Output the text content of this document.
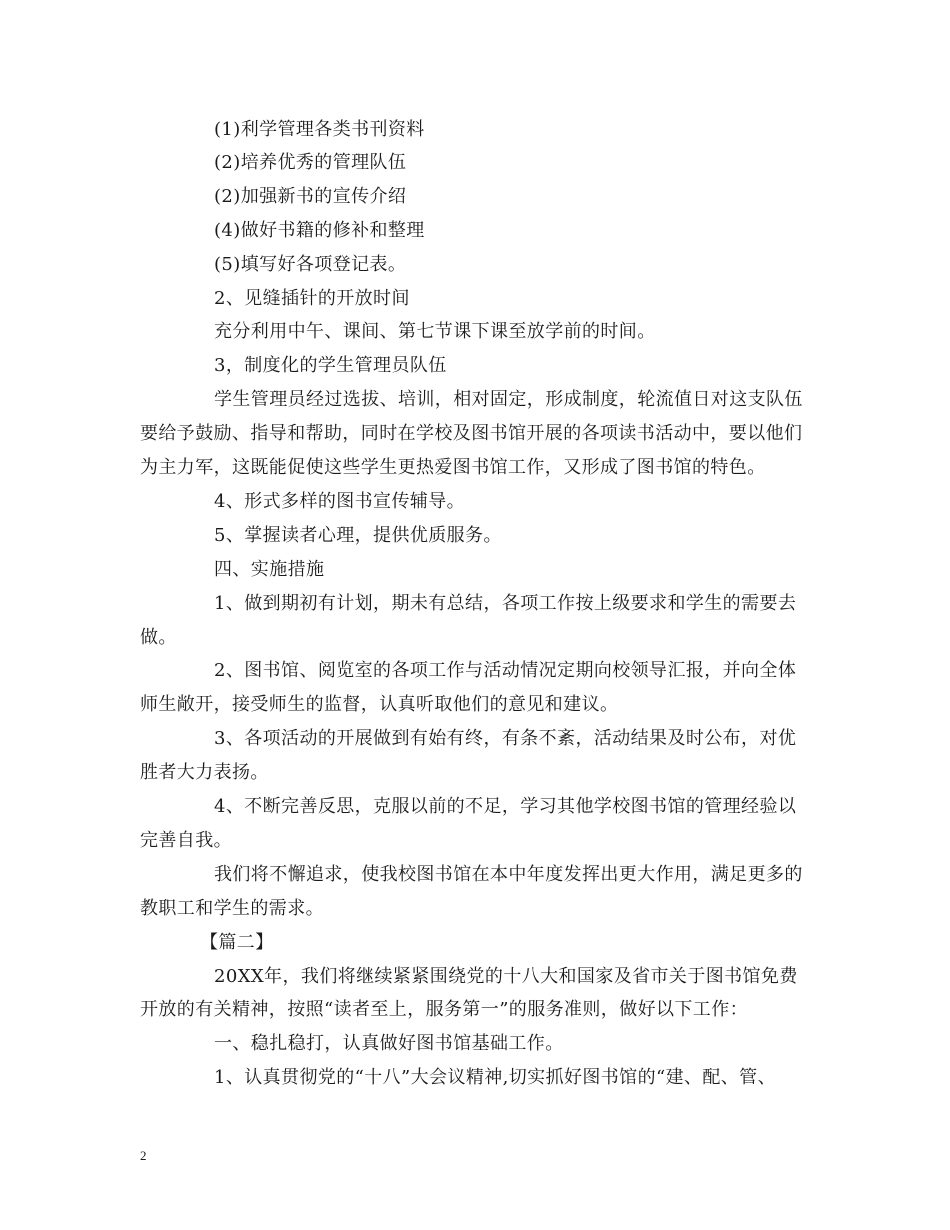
(1)利学管理各类书刊资料
(2)培养优秀的管理队伍
(2)加强新书的宣传介绍
(4)做好书籍的修补和整理
(5)填写好各项登记表。
2、见缝插针的开放时间
充分利用中午、课间、第七节课下课至放学前的时间。
3，制度化的学生管理员队伍
学生管理员经过选拔、培训，相对固定，形成制度，轮流值日对这支队伍
要给予鼓励、指导和帮助，同时在学校及图书馆开展的各项读书活动中，要以他们
为主力军，这既能促使这些学生更热爱图书馆工作，又形成了图书馆的特色。
4、形式多样的图书宣传辅导。
5、掌握读者心理，提供优质服务。
四、实施措施
1、做到期初有计划，期未有总结，各项工作按上级要求和学生的需要去
做。
2、图书馆、阅览室的各项工作与活动情况定期向校领导汇报，并向全体
师生敞开，接受师生的监督，认真听取他们的意见和建议。
3、各项活动的开展做到有始有终，有条不紊，活动结果及时公布，对优
胜者大力表扬。
4、不断完善反思，克服以前的不足，学习其他学校图书馆的管理经验以
完善自我。
我们将不懈追求，使我校图书馆在本中年度发挥出更大作用，满足更多的
教职工和学生的需求。
【篇二】
20XX年，我们将继续紧紧围绕党的十八大和国家及省市关于图书馆免费
开放的有关精神，按照“读者至上，服务第一”的服务准则，做好以下工作：
一、稳扎稳打，认真做好图书馆基础工作。
1、认真贯彻党的“十八”大会议精神,切实抓好图书馆的“建、配、管、
2
